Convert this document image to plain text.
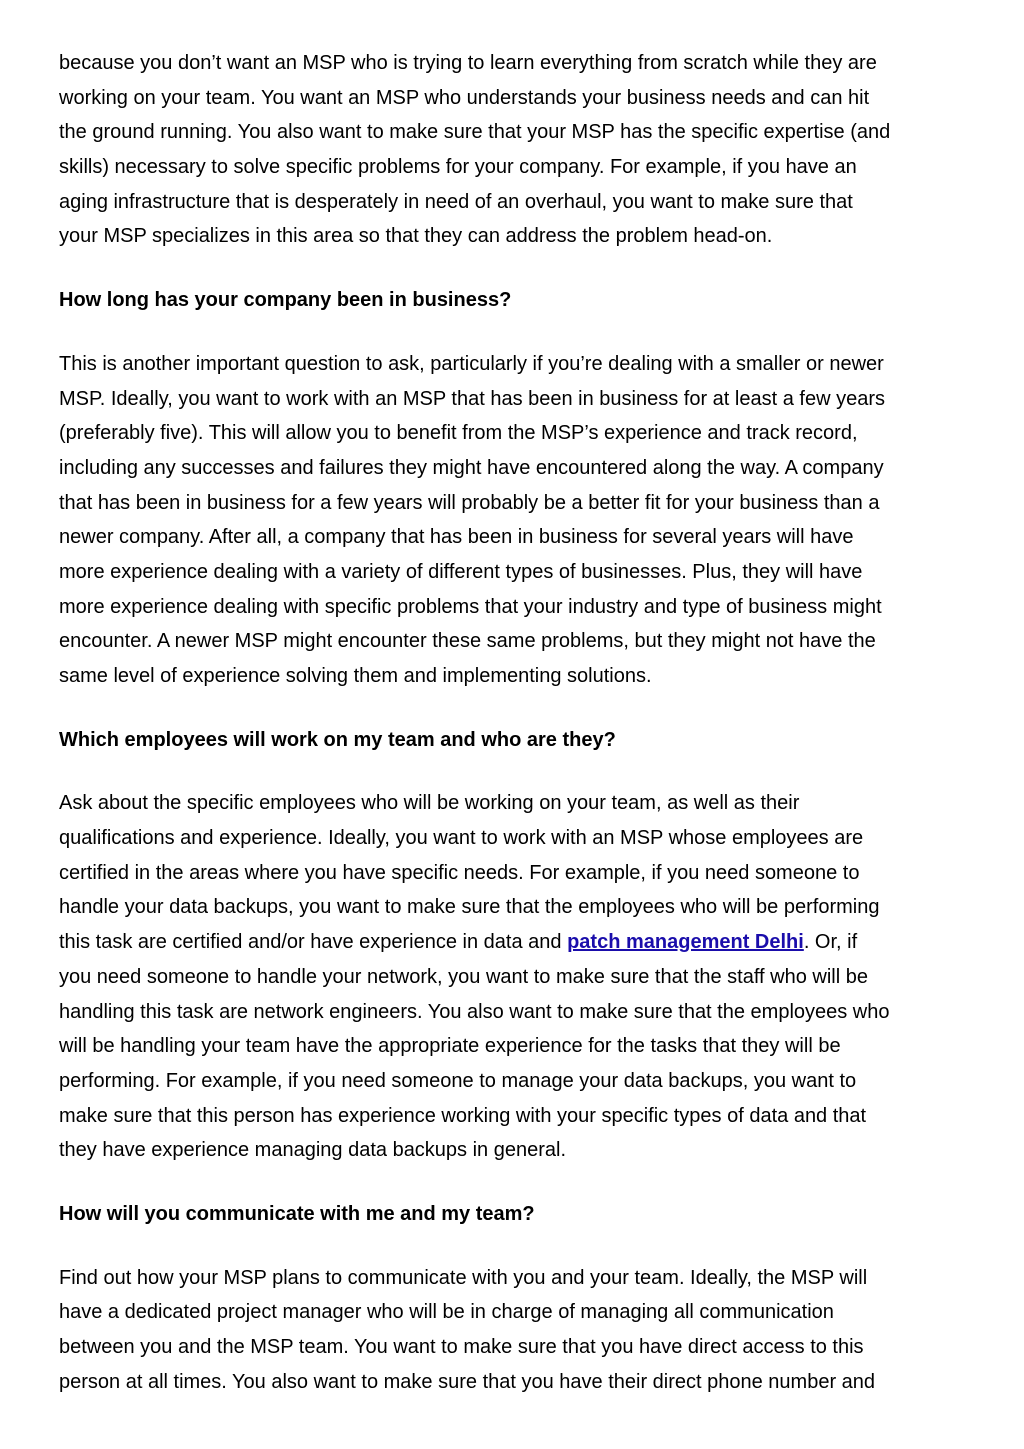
because you don’t want an MSP who is trying to learn everything from scratch while they are
working on your team. You want an MSP who understands your business needs and can hit
the ground running. You also want to make sure that your MSP has the specific expertise (and
skills) necessary to solve specific problems for your company. For example, if you have an
aging infrastructure that is desperately in need of an overhaul, you want to make sure that
your MSP specializes in this area so that they can address the problem head-on.

How long has your company been in business?

This is another important question to ask, particularly if you’re dealing with a smaller or newer
MSP. Ideally, you want to work with an MSP that has been in business for at least a few years
(preferably five). This will allow you to benefit from the MSP’s experience and track record,
including any successes and failures they might have encountered along the way. A company
that has been in business for a few years will probably be a better fit for your business than a
newer company. After all, a company that has been in business for several years will have
more experience dealing with a variety of different types of businesses. Plus, they will have
more experience dealing with specific problems that your industry and type of business might
encounter. A newer MSP might encounter these same problems, but they might not have the
same level of experience solving them and implementing solutions.

Which employees will work on my team and who are they?

Ask about the specific employees who will be working on your team, as well as their
qualifications and experience. Ideally, you want to work with an MSP whose employees are
certified in the areas where you have specific needs. For example, if you need someone to
handle your data backups, you want to make sure that the employees who will be performing
this task are certified and/or have experience in data and patch management Delhi. Or, if
you need someone to handle your network, you want to make sure that the staff who will be
handling this task are network engineers. You also want to make sure that the employees who
will be handling your team have the appropriate experience for the tasks that they will be
performing. For example, if you need someone to manage your data backups, you want to
make sure that this person has experience working with your specific types of data and that
they have experience managing data backups in general.

How will you communicate with me and my team?

Find out how your MSP plans to communicate with you and your team. Ideally, the MSP will
have a dedicated project manager who will be in charge of managing all communication
between you and the MSP team. You want to make sure that you have direct access to this
person at all times. You also want to make sure that you have their direct phone number and
